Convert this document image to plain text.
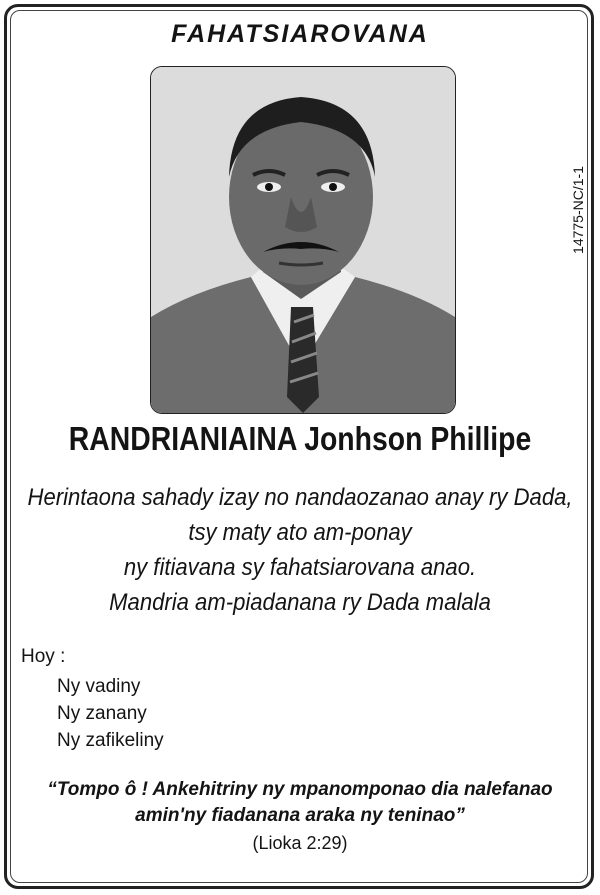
FAHATSIAROVANA
14775-NC/1-1
RANDRIANIAINA Jonhson Phillipe
Herintaona sahady izay no nandaozanao anay ry Dada,
tsy maty ato am-ponay
ny fitiavana sy fahatsiarovana anao.
Mandria am-piadanana ry Dada malala
Hoy :
Ny vadiny
Ny zanany
Ny zafikeliny
“Tompo ô ! Ankehitriny ny mpanomponao dia nalefanao
amin'ny fiadanana araka ny teninao”
(Lioka 2:29)
